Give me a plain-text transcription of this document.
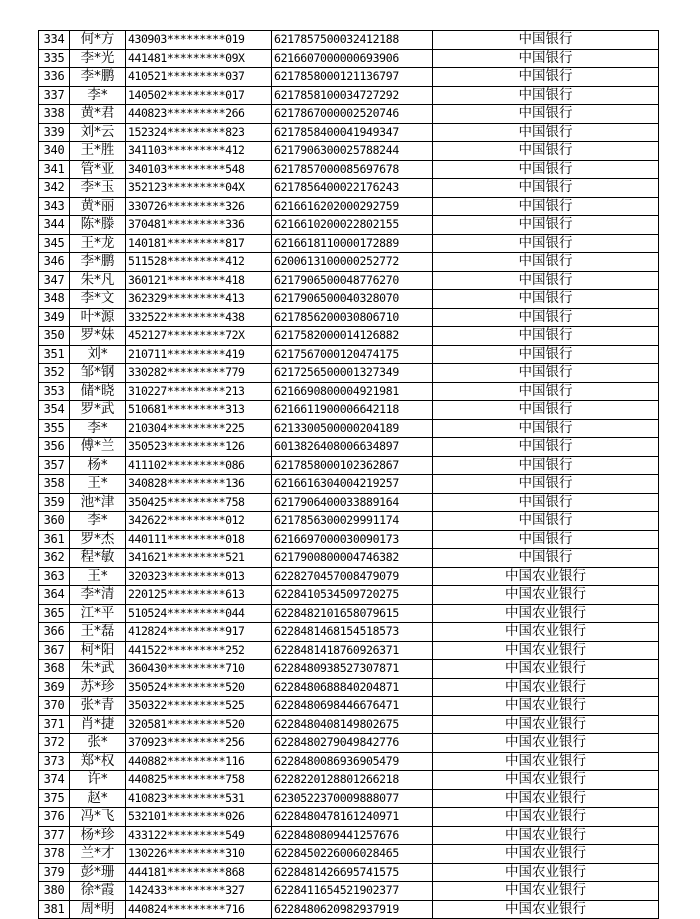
334	何*方	430903*********019	6217857500032412188	中国银行
335	李*光	441481*********09X	6216607000000693906	中国银行
336	李*鹏	410521*********037	6217858000121136797	中国银行
337	李*	140502*********017	6217858100034727292	中国银行
338	黄*君	440823*********266	6217867000002520746	中国银行
339	刘*云	152324*********823	6217858400041949347	中国银行
340	王*胜	341103*********412	6217906300025788244	中国银行
341	管*亚	340103*********548	6217857000085697678	中国银行
342	李*玉	352123*********04X	6217856400022176243	中国银行
343	黄*丽	330726*********326	6216616202000292759	中国银行
344	陈*滕	370481*********336	6216610200022802155	中国银行
345	王*龙	140181*********817	6216618110000172889	中国银行
346	李*鹏	511528*********412	6200613100000252772	中国银行
347	朱*凡	360121*********418	6217906500048776270	中国银行
348	李*文	362329*********413	6217906500040328070	中国银行
349	叶*源	332522*********438	6217856200030806710	中国银行
350	罗*妹	452127*********72X	6217582000014126882	中国银行
351	刘*	210711*********419	6217567000120474175	中国银行
352	邹*钢	330282*********779	6217256500001327349	中国银行
353	储*晓	310227*********213	6216690800004921981	中国银行
354	罗*武	510681*********313	6216611900006642118	中国银行
355	李*	210304*********225	6213300500000204189	中国银行
356	傅*兰	350523*********126	6013826408006634897	中国银行
357	杨*	411102*********086	6217858000102362867	中国银行
358	王*	340828*********136	6216616304004219257	中国银行
359	池*津	350425*********758	6217906400033889164	中国银行
360	李*	342622*********012	6217856300029991174	中国银行
361	罗*杰	440111*********018	6216697000030090173	中国银行
362	程*敏	341621*********521	6217900800004746382	中国银行
363	王*	320323*********013	6228270457008479079	中国农业银行
364	李*清	220125*********613	6228410534509720275	中国农业银行
365	江*平	510524*********044	6228482101658079615	中国农业银行
366	王*磊	412824*********917	6228481468154518573	中国农业银行
367	柯*阳	441522*********252	6228481418760926371	中国农业银行
368	朱*武	360430*********710	6228480938527307871	中国农业银行
369	苏*珍	350524*********520	6228480688840204871	中国农业银行
370	张*青	350322*********525	6228480698446676471	中国农业银行
371	肖*捷	320581*********520	6228480408149802675	中国农业银行
372	张*	370923*********256	6228480279049842776	中国农业银行
373	郑*权	440882*********116	6228480086936905479	中国农业银行
374	许*	440825*********758	6228220128801266218	中国农业银行
375	赵*	410823*********531	6230522370009888077	中国农业银行
376	冯*飞	532101*********026	6228480478161240971	中国农业银行
377	杨*珍	433122*********549	6228480809441257676	中国农业银行
378	兰*才	130226*********310	6228450226006028465	中国农业银行
379	彭*珊	444181*********868	6228481426695741575	中国农业银行
380	徐*霞	142433*********327	6228411654521902377	中国农业银行
381	周*明	440824*********716	6228480620982937919	中国农业银行
